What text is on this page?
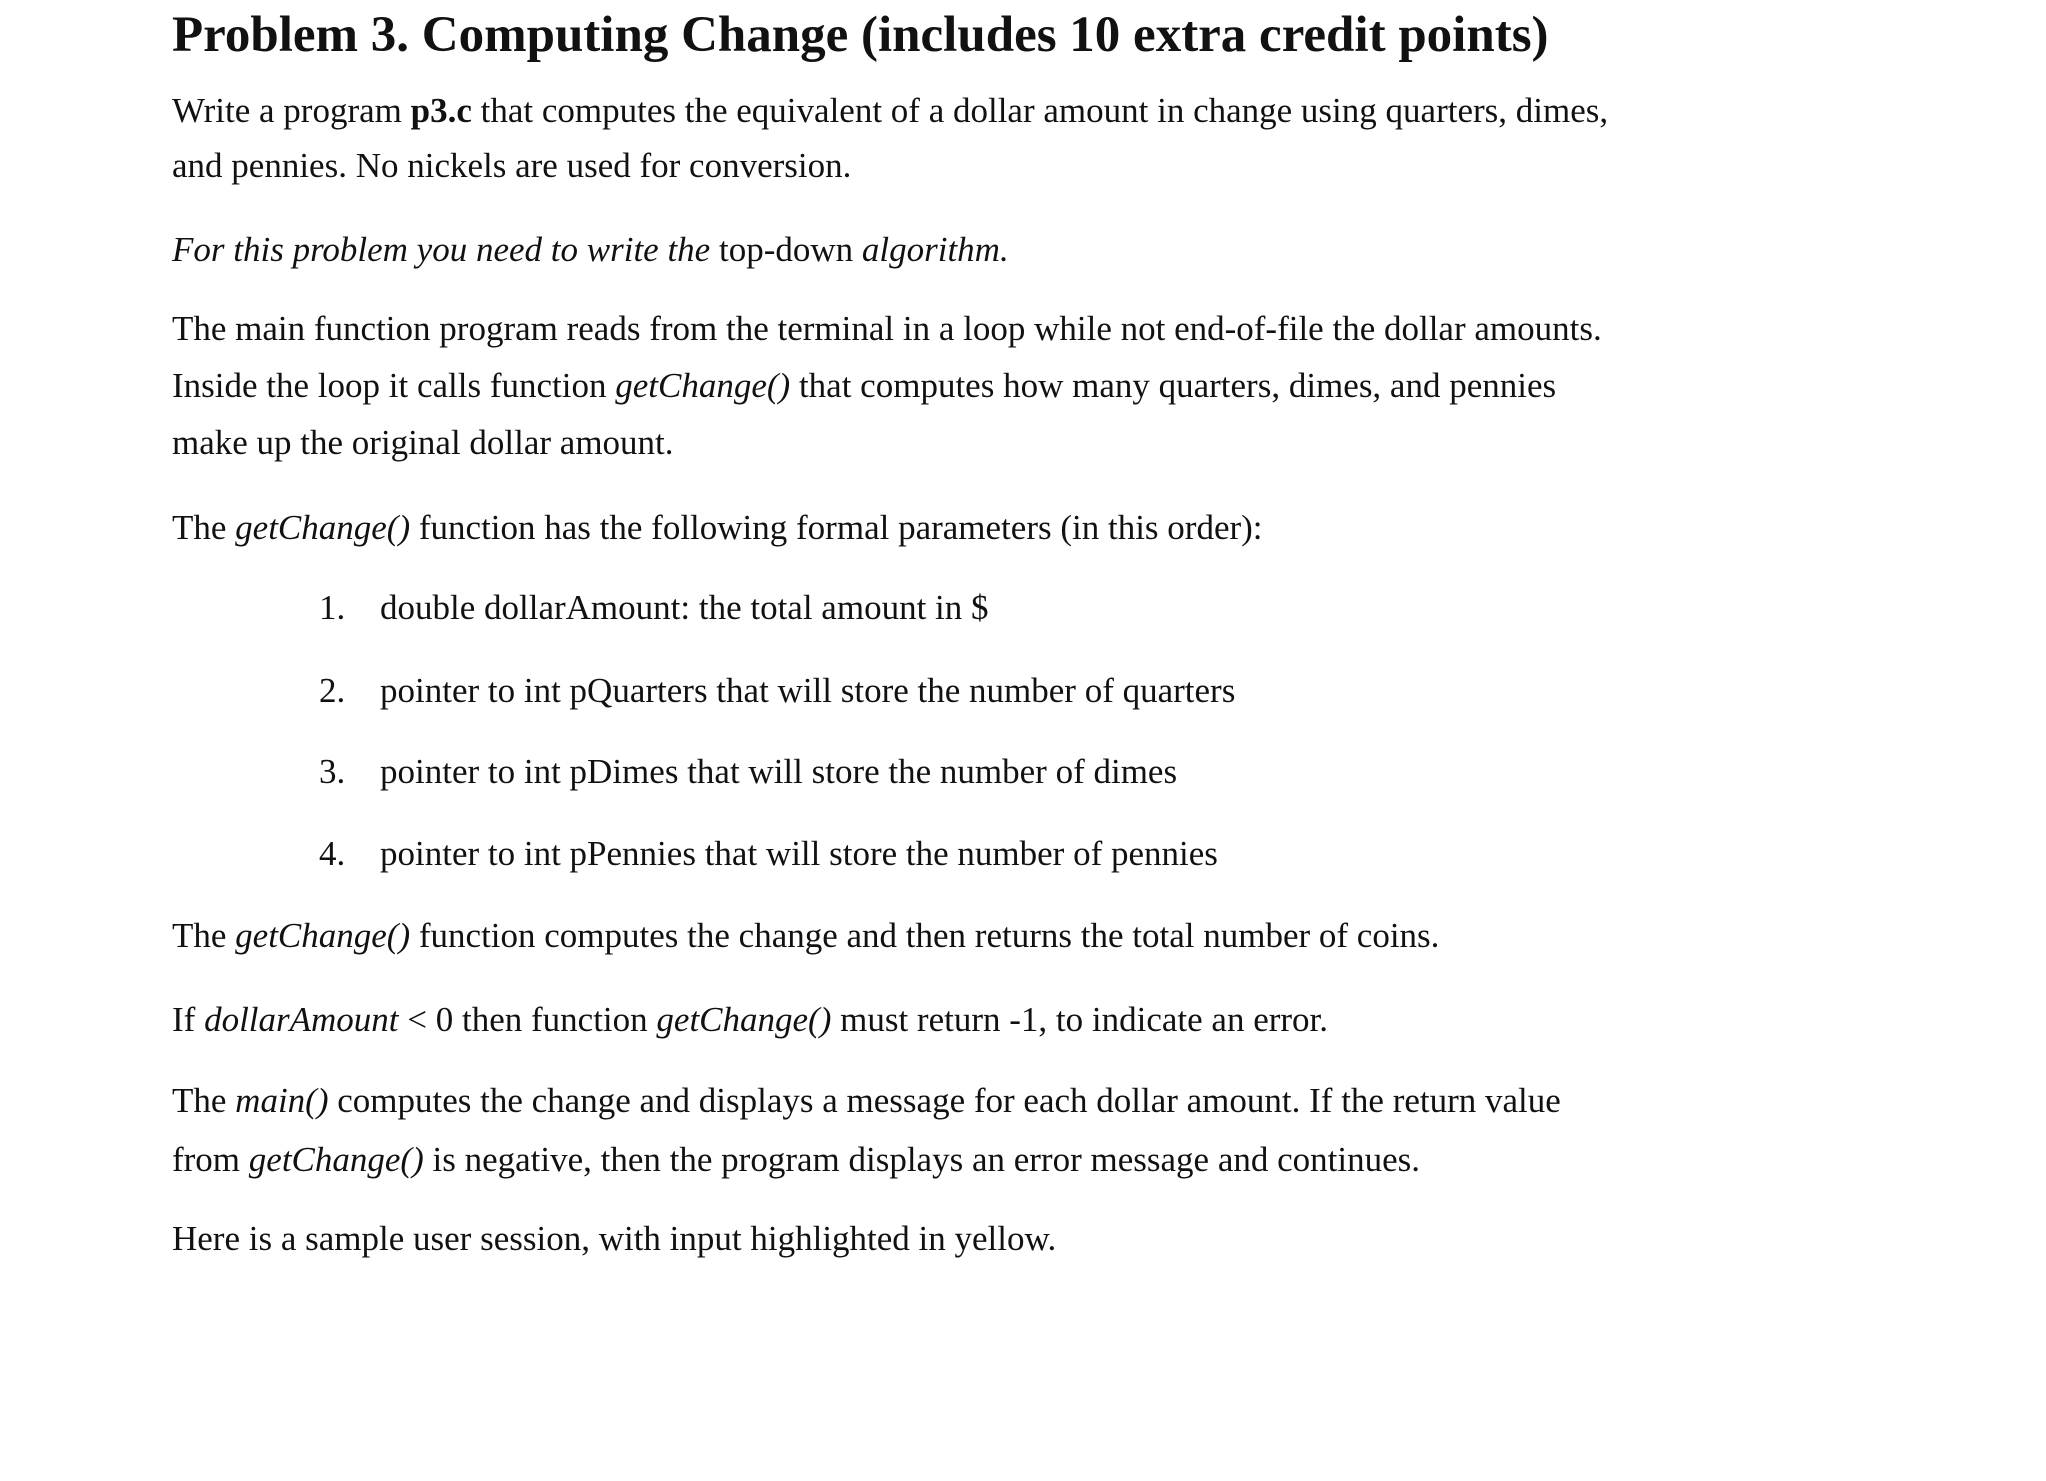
Problem 3. Computing Change (includes 10 extra credit points)
Write a program p3.c that computes the equivalent of a dollar amount in change using quarters, dimes,
and pennies. No nickels are used for conversion.
For this problem you need to write the top-down algorithm.
The main function program reads from the terminal in a loop while not end-of-file the dollar amounts.
Inside the loop it calls function getChange() that computes how many quarters, dimes, and pennies
make up the original dollar amount.
The getChange() function has the following formal parameters (in this order):
1. double dollarAmount: the total amount in $
2. pointer to int pQuarters that will store the number of quarters
3. pointer to int pDimes that will store the number of dimes
4. pointer to int pPennies that will store the number of pennies
The getChange() function computes the change and then returns the total number of coins.
If dollarAmount < 0 then function getChange() must return -1, to indicate an error.
The main() computes the change and displays a message for each dollar amount. If the return value
from getChange() is negative, then the program displays an error message and continues.
Here is a sample user session, with input highlighted in yellow.
